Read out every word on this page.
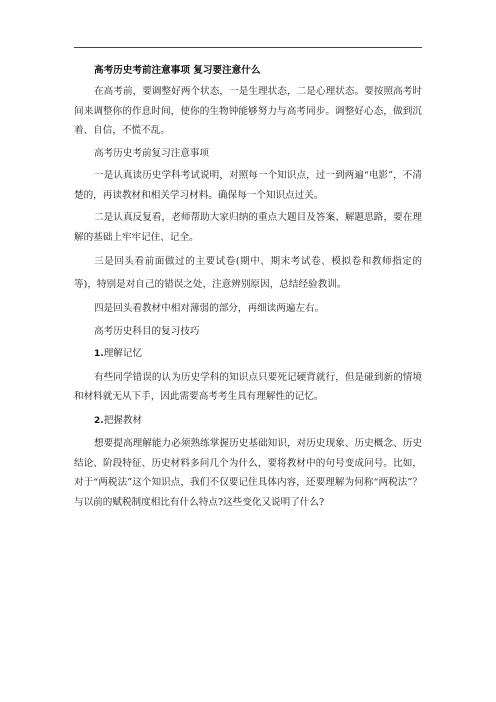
高考历史考前注意事项 复习要注意什么

在高考前，要调整好两个状态，一是生理状态，二是心理状态。要按照高考时间来调整你的作息时间，使你的生物钟能够努力与高考同步。调整好心态，做到沉着、自信，不慌不乱。

高考历史考前复习注意事项

一是认真读历史学科考试说明，对照每一个知识点，过一到两遍“电影”，不清楚的，再读教材和相关学习材料。确保每一个知识点过关。

二是认真反复看，老师帮助大家归纳的重点大题目及答案、解题思路，要在理解的基础上牢牢记住、记全。

三是回头看前面做过的主要试卷(期中、期末考试卷、模拟卷和教师指定的等)，特别是对自己的错误之处，注意辨别原因，总结经验教训。

四是回头看教材中相对薄弱的部分，再细读两遍左右。

高考历史科目的复习技巧

1.理解记忆

有些同学错误的认为历史学科的知识点只要死记硬背就行，但是碰到新的情境和材料就无从下手，因此需要高考考生具有理解性的记忆。

2.把握教材

想要提高理解能力必须熟练掌握历史基础知识，对历史现象、历史概念、历史结论、阶段特征、历史材料多问几个为什么，要将教材中的句号变成问号。比如，对于“两税法”这个知识点，我们不仅要记住具体内容，还要理解为何称“两税法”？与以前的赋税制度相比有什么特点?这些变化又说明了什么?
